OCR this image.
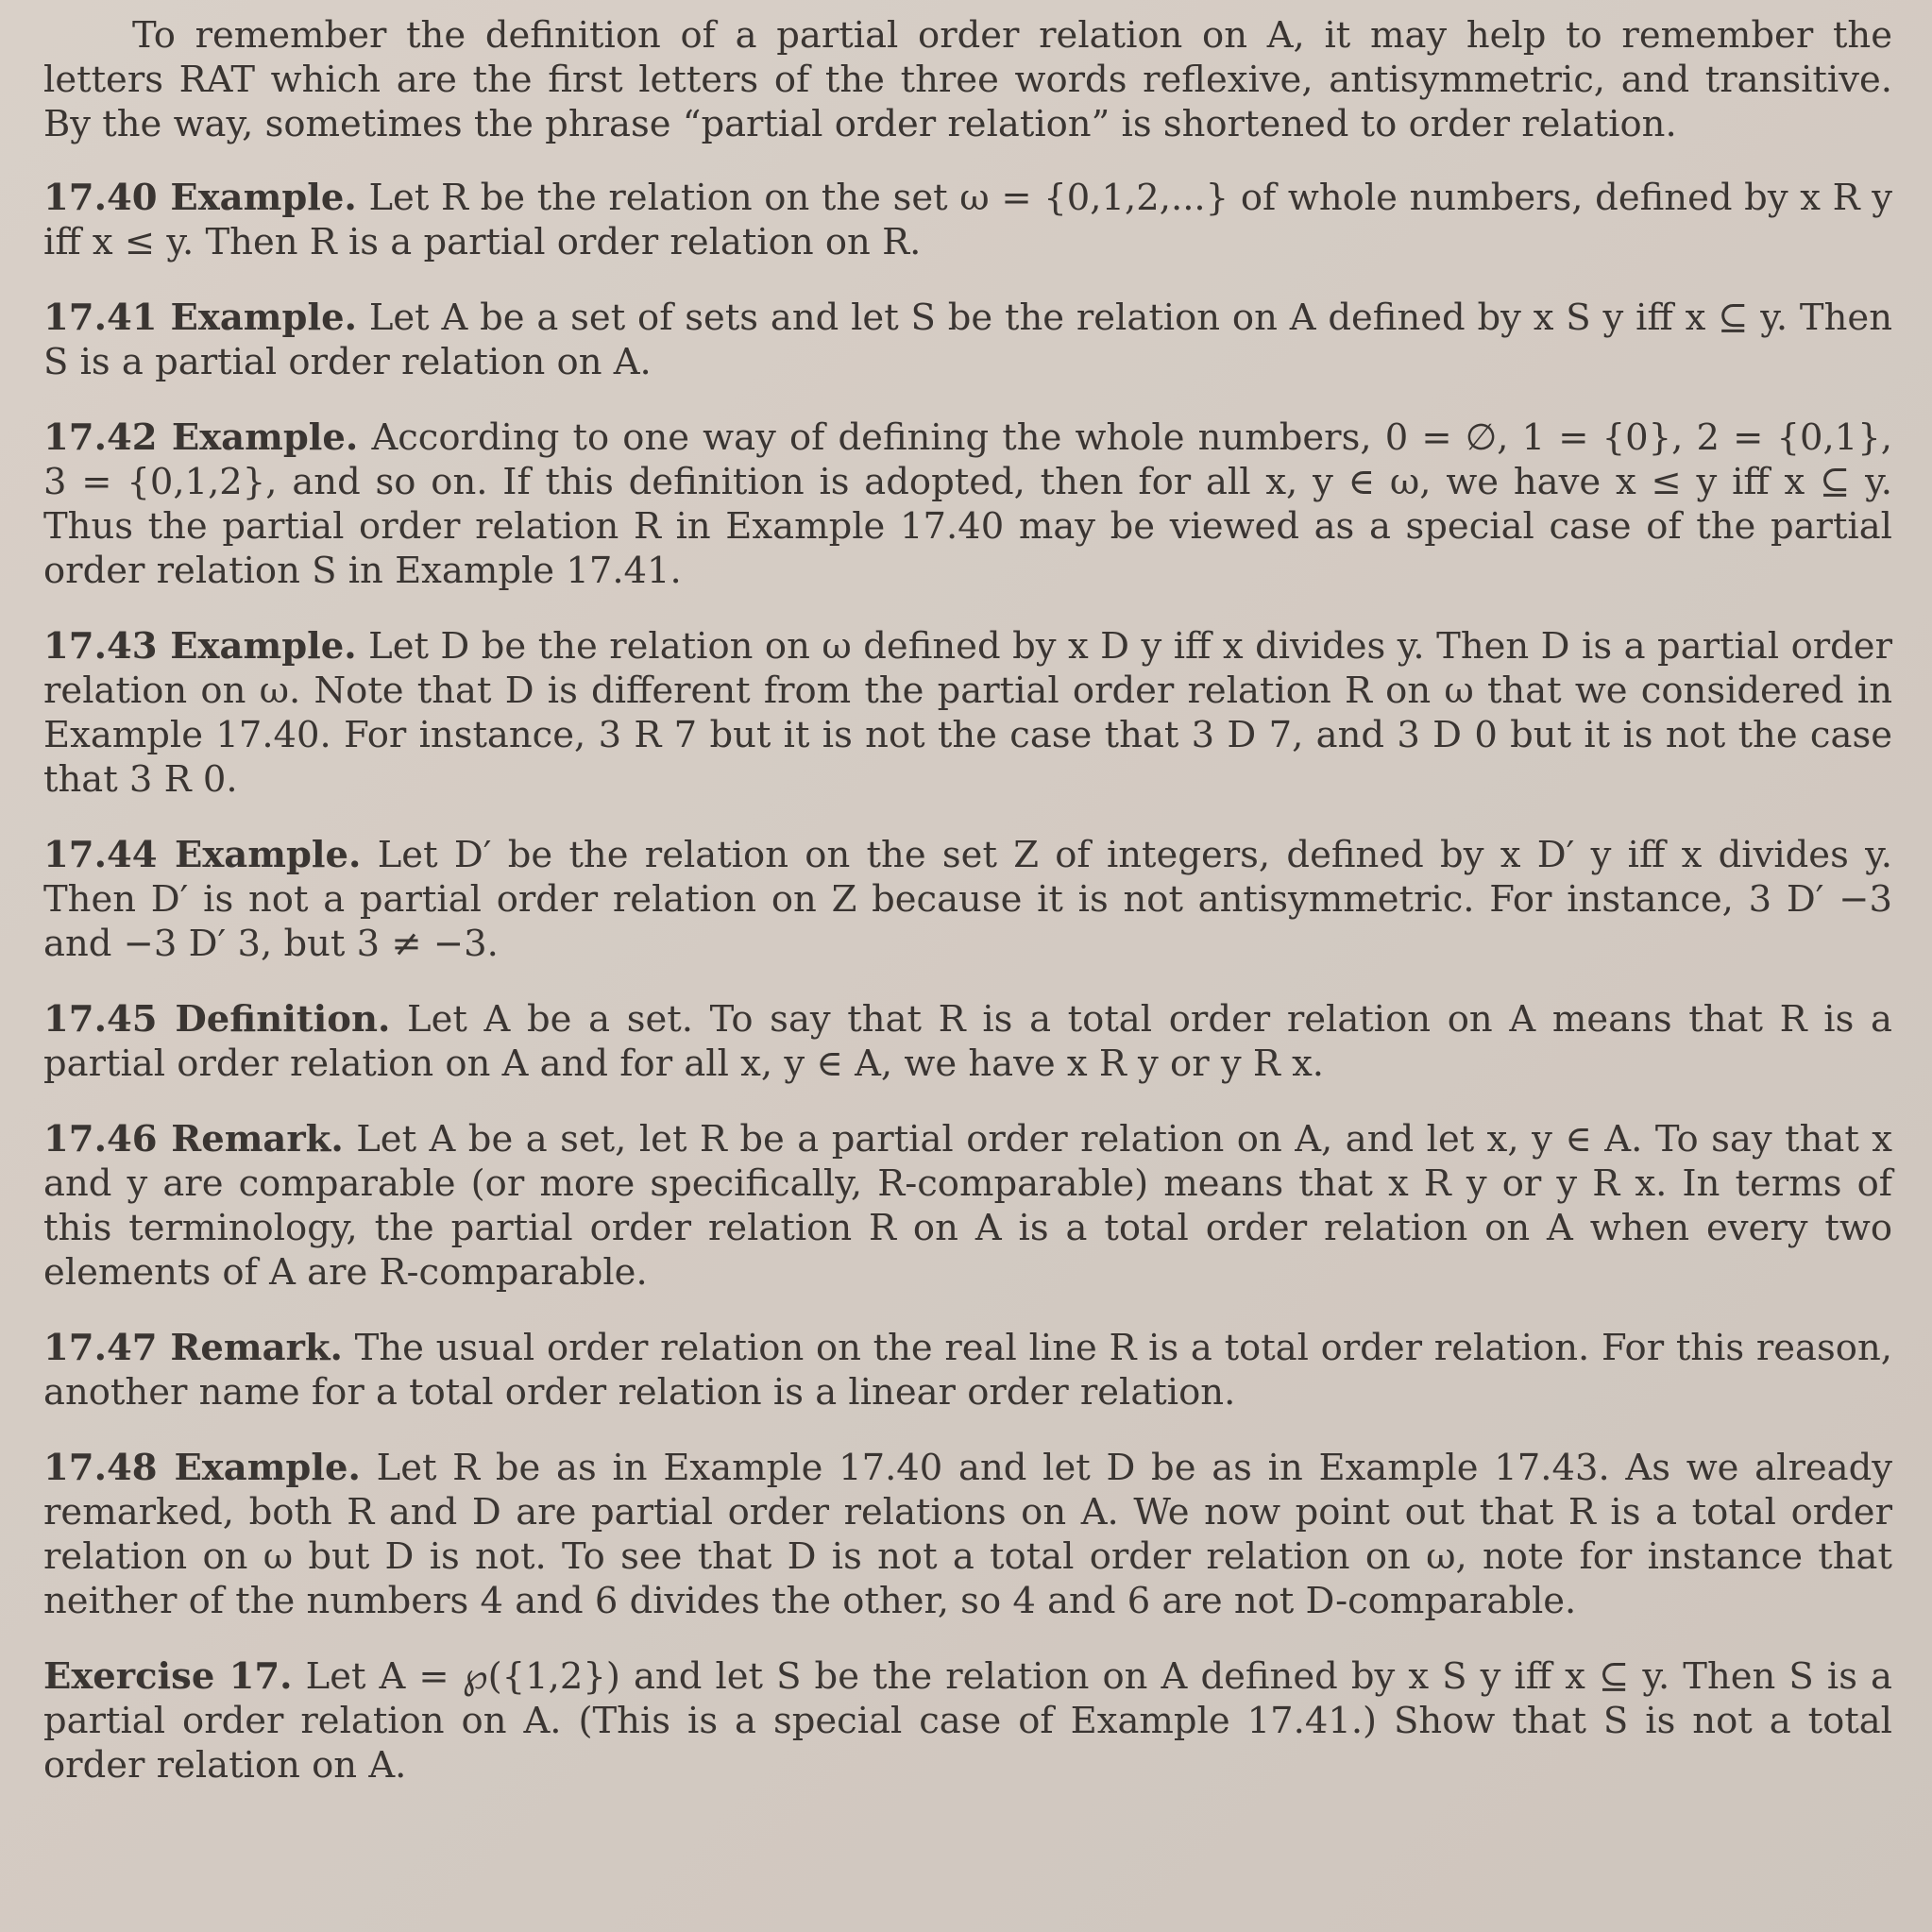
To remember the definition of a partial order relation on A, it may help to remember the letters RAT which are the first letters of the three words reflexive, antisymmetric, and transitive. By the way, sometimes the phrase “partial order relation” is shortened to order relation.

17.40 Example. Let R be the relation on the set ω = {0,1,2,...} of whole numbers, defined by x R y iff x ≤ y. Then R is a partial order relation on R.

17.41 Example. Let A be a set of sets and let S be the relation on A defined by x S y iff x ⊆ y. Then S is a partial order relation on A.

17.42 Example. According to one way of defining the whole numbers, 0 = ∅, 1 = {0}, 2 = {0,1}, 3 = {0,1,2}, and so on. If this definition is adopted, then for all x, y ∈ ω, we have x ≤ y iff x ⊆ y. Thus the partial order relation R in Example 17.40 may be viewed as a special case of the partial order relation S in Example 17.41.

17.43 Example. Let D be the relation on ω defined by x D y iff x divides y. Then D is a partial order relation on ω. Note that D is different from the partial order relation R on ω that we considered in Example 17.40. For instance, 3 R 7 but it is not the case that 3 D 7, and 3 D 0 but it is not the case that 3 R 0.

17.44 Example. Let D′ be the relation on the set Z of integers, defined by x D′ y iff x divides y. Then D′ is not a partial order relation on Z because it is not antisymmetric. For instance, 3 D′ −3 and −3 D′ 3, but 3 ≠ −3.

17.45 Definition. Let A be a set. To say that R is a total order relation on A means that R is a partial order relation on A and for all x, y ∈ A, we have x R y or y R x.

17.46 Remark. Let A be a set, let R be a partial order relation on A, and let x, y ∈ A. To say that x and y are comparable (or more specifically, R-comparable) means that x R y or y R x. In terms of this terminology, the partial order relation R on A is a total order relation on A when every two elements of A are R-comparable.

17.47 Remark. The usual order relation on the real line R is a total order relation. For this reason, another name for a total order relation is a linear order relation.

17.48 Example. Let R be as in Example 17.40 and let D be as in Example 17.43. As we already remarked, both R and D are partial order relations on A. We now point out that R is a total order relation on ω but D is not. To see that D is not a total order relation on ω, note for instance that neither of the numbers 4 and 6 divides the other, so 4 and 6 are not D-comparable.

Exercise 17. Let A = ℘({1,2}) and let S be the relation on A defined by x S y iff x ⊆ y. Then S is a partial order relation on A. (This is a special case of Example 17.41.) Show that S is not a total order relation on A.
